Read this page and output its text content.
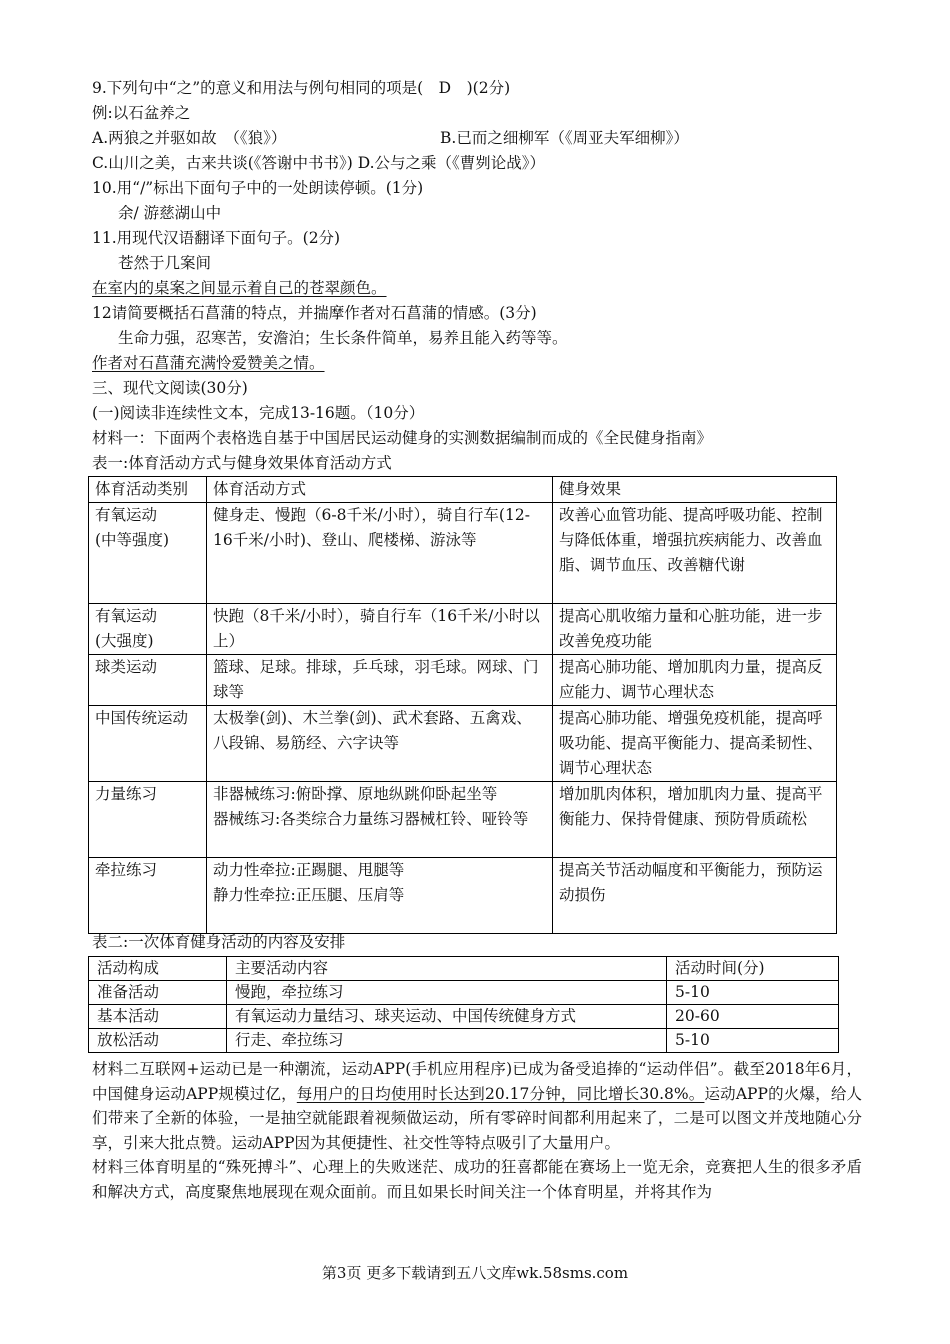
9.下列句中“之”的意义和用法与例句相同的项是(　D　)(2分)
例:以石盆养之
A.两狼之并驱如故　（《狼》）	B.已而之细柳军（《周亚夫军细柳》）
C.山川之美，古来共谈(《答谢中书书》) D.公与之乘（《曹刿论战》）
10.用“/”标出下面句子中的一处朗读停顿。(1分)
余/ 游慈湖山中
11.用现代汉语翻译下面句子。(2分)
苍然于几案间
在室内的桌案之间显示着自己的苍翠颜色。
12请简要概括石菖蒲的特点，并揣摩作者对石菖蒲的情感。(3分)
生命力强，忍寒苦，安澹泊；生长条件简单，易养且能入药等等。
作者对石菖蒲充满怜爱赞美之情。
三、现代文阅读(30分)
(一)阅读非连续性文本，完成13-16题。（10分）
材料一：下面两个表格选自基于中国居民运动健身的实测数据编制而成的《全民健身指南》
表一:体育活动方式与健身效果体育活动方式
体育活动类别	体育活动方式	健身效果
有氧运动
(中等强度)	健身走、慢跑（6-8千米/小时），骑自行车(12-16千米/小时)、登山、爬楼梯、游泳等	改善心血管功能、提高呼吸功能、控制与降低体重，增强抗疾病能力、改善血 脂、调节血压、改善糖代谢
有氧运动
(大强度)	快跑（8千米/小时），骑自行车（16千米/小时以上）	提高心肌收缩力量和心脏功能，进一步改善免疫功能
球类运动	篮球、足球。排球，乒乓球，羽毛球。网球、门球等	提高心肺功能、增加肌肉力量，提高反应能力、调节心理状态
中国传统运动	太极拳(剑)、木兰拳(剑)、武术套路、五禽戏、八段锦、易筋经、六字诀等	提高心肺功能、增强免疫机能，提高呼吸功能、提高平衡能力、提高柔韧性、调节心理状态
力量练习	非器械练习:俯卧撑、原地纵跳仰卧起坐等
器械练习:各类综合力量练习器械杠铃、哑铃等	增加肌肉体积，增加肌肉力量、提高平衡能力、保持骨健康、预防骨质疏松
牵拉练习	动力性牵拉:正踢腿、甩腿等
静力性牵拉:正压腿、压肩等	提高关节活动幅度和平衡能力，预防运动损伤
表二:一次体育健身活动的内容及安排
活动构成	主要活动内容	活动时间(分)
准备活动	慢跑，牵拉练习	5-10
基本活动	有氧运动力量结习、球夹运动、中国传统健身方式	20-60
放松活动	行走、牵拉练习	5-10
材料二互联网+运动已是一种潮流，运动APP(手机应用程序)已成为备受追捧的“运动伴侣”。截至2018年6月，中国健身运动APP规模过亿，每用户的日均使用时长达到20.17分钟，同比增长30.8%。运动APP的火爆，给人们带来了全新的体验，一是抽空就能跟着视频做运动，所有零碎时间都利用起来了，二是可以图文并茂地随心分享，引来大批点赞。运动APP因为其便捷性、社交性等特点吸引了大量用户。
材料三体育明星的“殊死搏斗”、心理上的失败迷茫、成功的狂喜都能在赛场上一览无余，竞赛把人生的很多矛盾和解决方式，高度聚焦地展现在观众面前。而且如果长时间关注一个体育明星，并将其作为
第3页 更多下载请到五八文库wk.58sms.com
